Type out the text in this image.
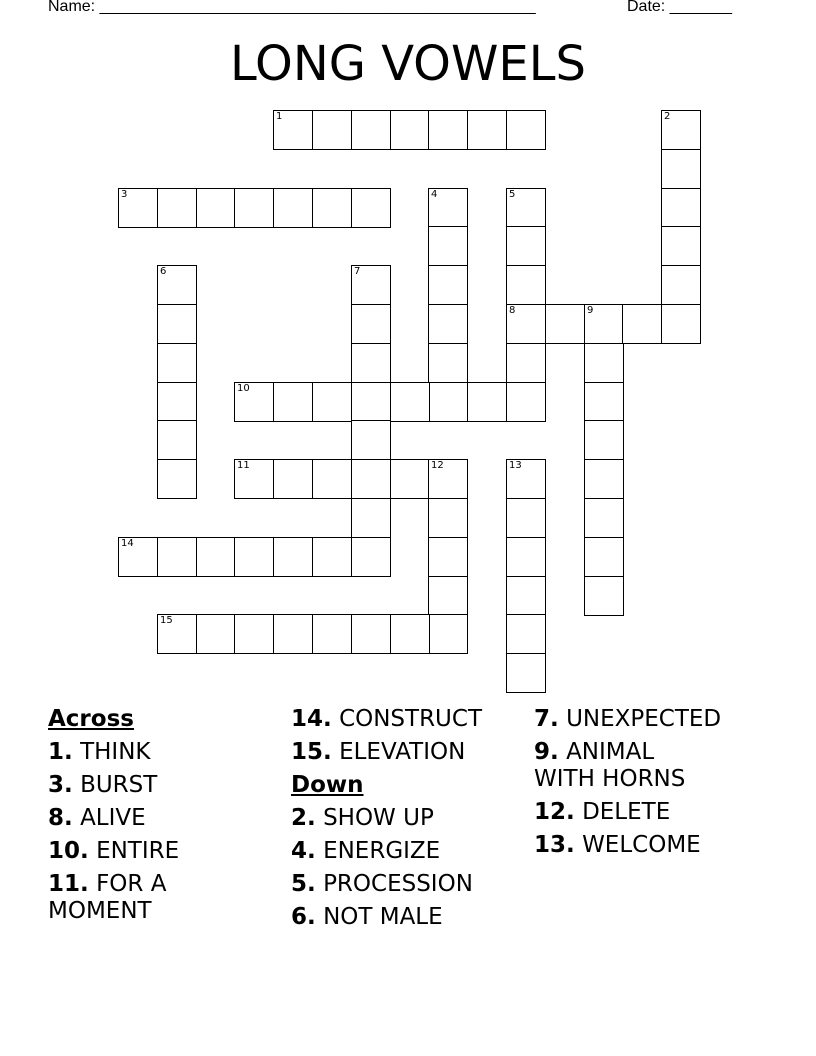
Name: _________________________________________________	Date: _______
LONG VOWELS
1	2
3	4	5
8
6	7
9
10
11	12	13
14
15
Across
1. THINK
3. BURST
8. ALIVE
10. ENTIRE
11. FOR A MOMENT
14. CONSTRUCT
15. ELEVATION
Down
2. SHOW UP
4. ENERGIZE
5. PROCESSION
6. NOT MALE
7. UNEXPECTED
9. ANIMAL WITH HORNS
12. DELETE
13. WELCOME
